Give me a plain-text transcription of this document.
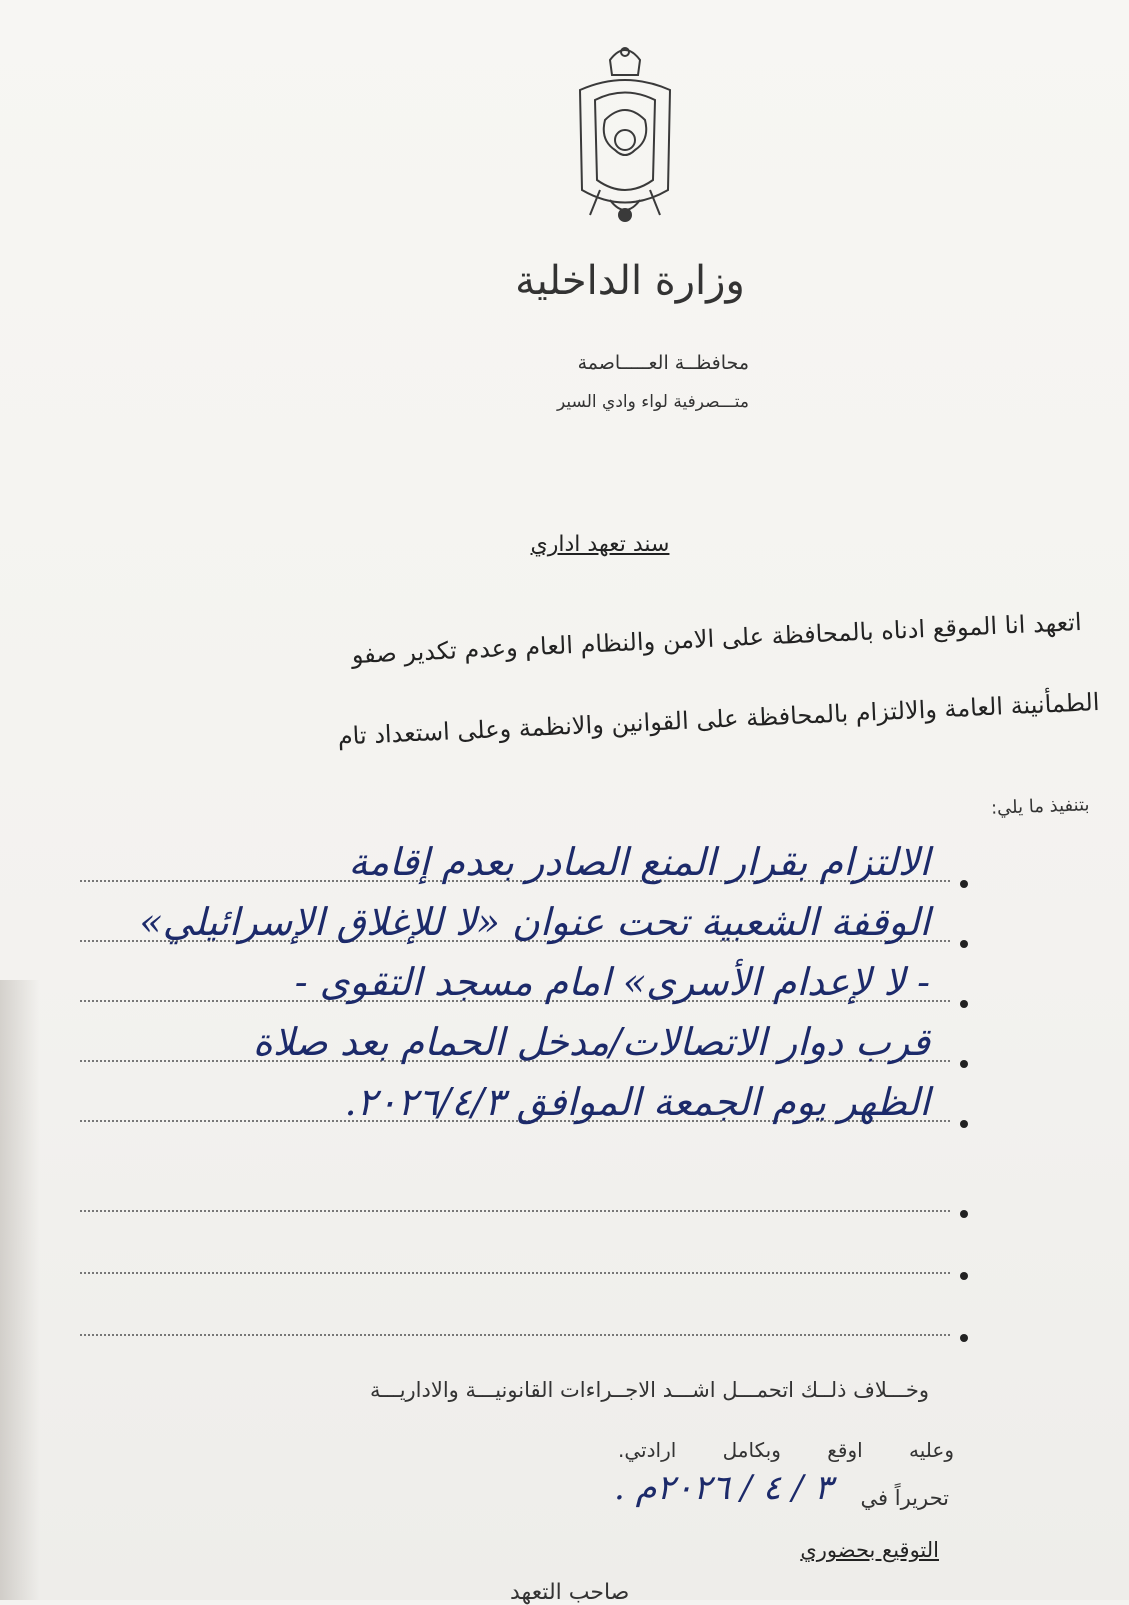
وزارة الداخلية
محافظــة العـــــاصمة
متـــصرفية لواء وادي السير
سند تعهد اداري
اتعهد انا الموقع ادناه بالمحافظة على الامن والنظام العام وعدم تكدير صفو
الطمأنينة العامة والالتزام بالمحافظة على القوانين والانظمة وعلى استعداد تام
بتنفيذ ما يلي:
الالتزام بقرار المنع الصادر بعدم إقامة
الوقفة الشعبية تحت عنوان «لا للإغلاق الإسرائيلي»
- لا لإعدام الأسرى» امام مسجد التقوى -
قرب دوار الاتصالات/مدخل الحمام بعد صلاة
الظهر يوم الجمعة الموافق ٢٠٢٦/٤/٣.
وخـــلاف ذلــك اتحمـــل اشـــد الاجــراءات القانونيـــة والاداريـــة
وعليه اوقع وبكامل ارادتي.
تحريراً في
٣ / ٤ / ٢٠٢٦م .
التوقيع بحضوري
صاحب التعهد
